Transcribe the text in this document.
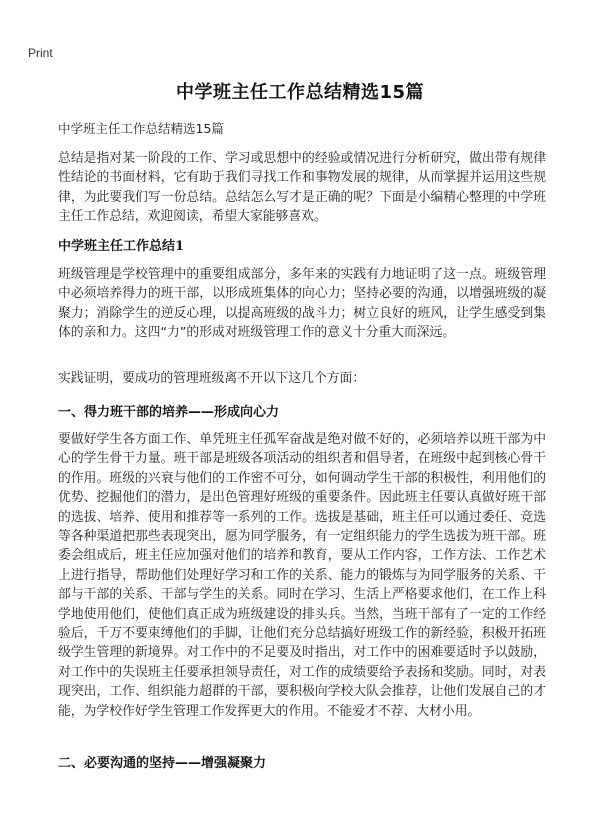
Print
中学班主任工作总结精选15篇
中学班主任工作总结精选15篇

总结是指对某一阶段的工作、学习或思想中的经验或情况进行分析研究，做出带有规律性结论的书面材料，它有助于我们寻找工作和事物发展的规律，从而掌握并运用这些规律，为此要我们写一份总结。总结怎么写才是正确的呢？下面是小编精心整理的中学班主任工作总结，欢迎阅读，希望大家能够喜欢。

中学班主任工作总结1

班级管理是学校管理中的重要组成部分，多年来的实践有力地证明了这一点。班级管理中必须培养得力的班干部，以形成班集体的向心力；坚持必要的沟通，以增强班级的凝聚力；消除学生的逆反心理，以提高班级的战斗力；树立良好的班风，让学生感受到集体的亲和力。这四“力”的形成对班级管理工作的意义十分重大而深远。

实践证明，要成功的管理班级离不开以下这几个方面：

一、得力班干部的培养——形成向心力

要做好学生各方面工作、单凭班主任孤军奋战是绝对做不好的，必须培养以班干部为中心的学生骨干力量。班干部是班级各项活动的组织者和倡导者，在班级中起到核心骨干的作用。班级的兴衰与他们的工作密不可分，如何调动学生干部的积极性，利用他们的优势、挖掘他们的潜力，是出色管理好班级的重要条件。因此班主任要认真做好班干部的选拔、培养、使用和推荐等一系列的工作。选拔是基础，班主任可以通过委任、竞选等各种渠道把那些表现突出，愿为同学服务，有一定组织能力的学生选拔为班干部。班委会组成后，班主任应加强对他们的培养和教育，要从工作内容，工作方法、工作艺术上进行指导，帮助他们处理好学习和工作的关系、能力的锻炼与为同学服务的关系、干部与干部的关系、干部与学生的关系。同时在学习、生活上严格要求他们，在工作上科学地使用他们，使他们真正成为班级建设的排头兵。当然，当班干部有了一定的工作经验后，千万不要束缚他们的手脚，让他们充分总结搞好班级工作的新经验，积极开拓班级学生管理的新境界。对工作中的不足要及时指出，对工作中的困难要适时予以鼓励，对工作中的失误班主任要承担领导责任，对工作的成绩要给予表扬和奖励。同时，对表现突出，工作、组织能力超群的干部，要积极向学校大队会推荐，让他们发展自己的才能，为学校作好学生管理工作发挥更大的作用。不能爱才不荐、大材小用。

二、必要沟通的坚持——增强凝聚力
